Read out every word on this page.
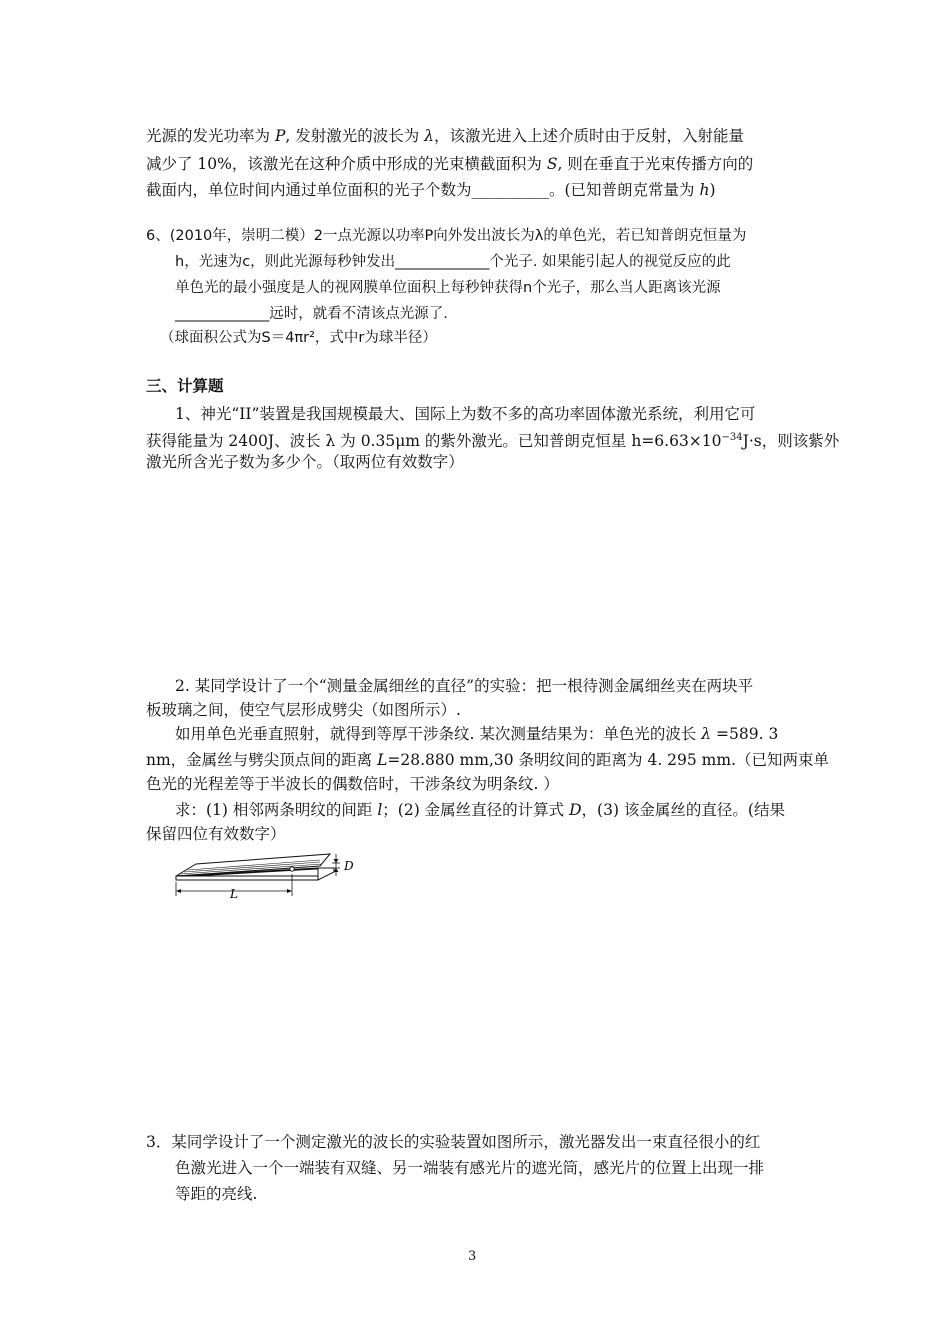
光源的发光功率为 P, 发射激光的波长为 λ，该激光进入上述介质时由于反射，入射能量
减少了 10%，该激光在这种介质中形成的光束横截面积为 S, 则在垂直于光束传播方向的
截面内，单位时间内通过单位面积的光子个数为__________。(已知普朗克常量为 h)
6、(2010年，崇明二模）2一点光源以功率P向外发出波长为λ的单色光，若已知普朗克恒量为
h，光速为c，则此光源每秒钟发出_____________个光子. 如果能引起人的视觉反应的此
单色光的最小强度是人的视网膜单位面积上每秒钟获得n个光子，那么当人距离该光源
_____________远时，就看不清该点光源了.
（球面积公式为S＝4πr²，式中r为球半径）
三、计算题
1、神光“II”装置是我国规模最大、国际上为数不多的高功率固体激光系统，利用它可
获得能量为 2400J、波长 λ 为 0.35μm 的紫外激光。已知普朗克恒星 $h=6.63\times 10^{-34}J\cdot s$，则该紫外
激光所含光子数为多少个。（取两位有效数字）
2. 某同学设计了一个“测量金属细丝的直径”的实验：把一根待测金属细丝夹在两块平
板玻璃之间，使空气层形成劈尖（如图所示）.
如用单色光垂直照射，就得到等厚干涉条纹. 某次测量结果为：单色光的波长 λ =589. 3
nm，金属丝与劈尖顶点间的距离 L=28.880 mm,30 条明纹间的距离为 4. 295 mm.（已知两束单
色光的光程差等于半波长的偶数倍时，干涉条纹为明条纹. ）
求：(1) 相邻两条明纹的间距 l；(2) 金属丝直径的计算式 D，(3) 该金属丝的直径。(结果
保留四位有效数字）
D
L
3．某同学设计了一个测定激光的波长的实验装置如图所示，激光器发出一束直径很小的红
色激光进入一个一端装有双缝、另一端装有感光片的遮光筒，感光片的位置上出现一排
等距的亮线.
3
